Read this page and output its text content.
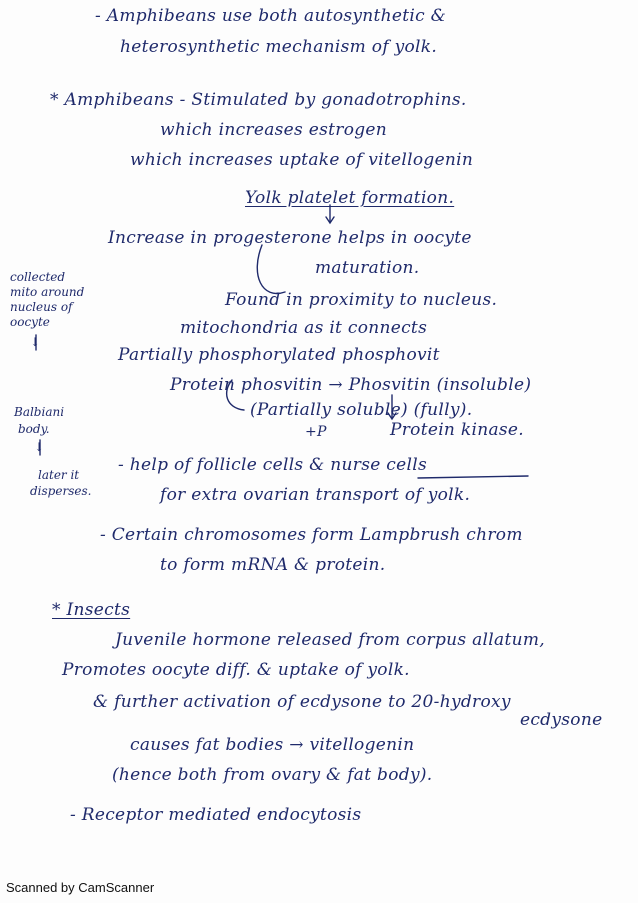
- Amphibeans use both autosynthetic &
heterosynthetic mechanism of yolk.
* Amphibeans - Stimulated by gonadotrophins.
which increases estrogen
which increases uptake of vitellogenin
Yolk platelet formation.
Increase in progesterone helps in oocyte
maturation.
Found in proximity to nucleus.
mitochondria as it connects
Partially phosphorylated phosphovit
Protein phosvitin → Phosvitin (insoluble)
(Partially soluble) (fully).
+P	Protein kinase.
- help of follicle cells & nurse cells
for extra ovarian transport of yolk.
- Certain chromosomes form Lampbrush chrom
to form mRNA & protein.
* Insects
Juvenile hormone released from corpus allatum,
Promotes oocyte diff. & uptake of yolk.
& further activation of ecdysone to 20-hydroxy
ecdysone
causes fat bodies → vitellogenin
(hence both from ovary & fat body).
- Receptor mediated endocytosis
collected
mito around
nucleus of
oocyte
↓
Balbiani
body.
↓
later it
disperses.
Scanned by CamScanner
